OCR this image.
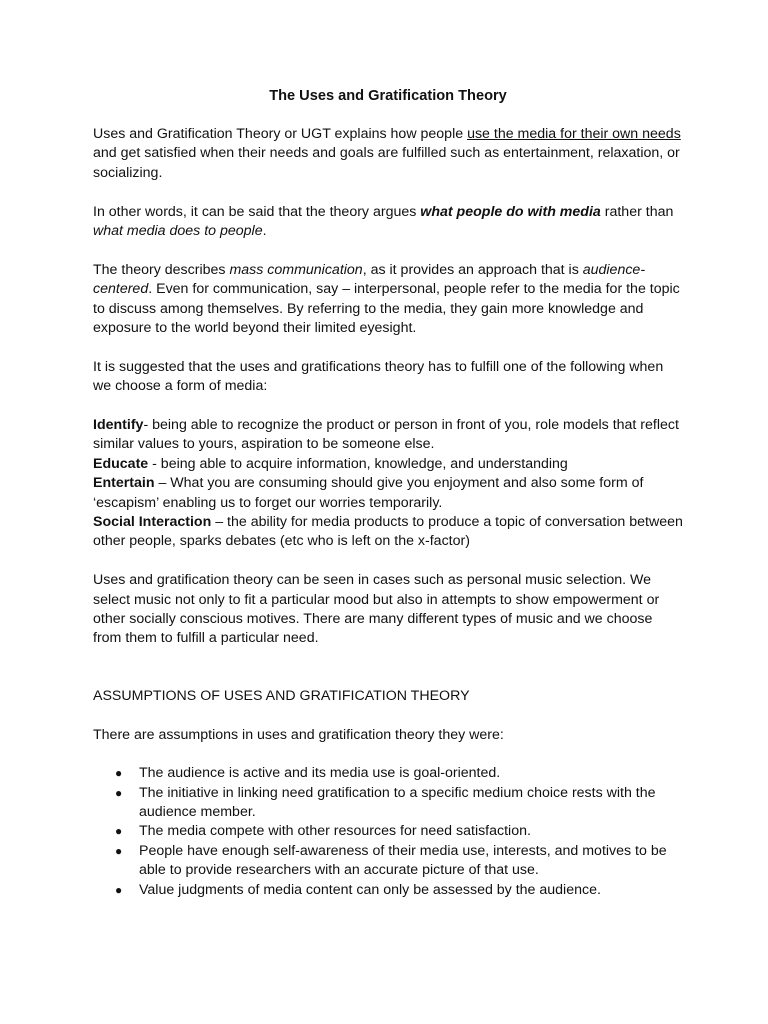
The Uses and Gratification Theory

Uses and Gratification Theory or UGT explains how people use the media for their own needs and get satisfied when their needs and goals are fulfilled such as entertainment, relaxation, or socializing.

In other words, it can be said that the theory argues what people do with media rather than what media does to people.

The theory describes mass communication, as it provides an approach that is audience-centered. Even for communication, say – interpersonal, people refer to the media for the topic to discuss among themselves. By referring to the media, they gain more knowledge and exposure to the world beyond their limited eyesight.

It is suggested that the uses and gratifications theory has to fulfill one of the following when we choose a form of media:

Identify- being able to recognize the product or person in front of you, role models that reflect similar values to yours, aspiration to be someone else.

Educate - being able to acquire information, knowledge, and understanding

Entertain – What you are consuming should give you enjoyment and also some form of ‘escapism’ enabling us to forget our worries temporarily.

Social Interaction – the ability for media products to produce a topic of conversation between other people, sparks debates (etc who is left on the x-factor)

Uses and gratification theory can be seen in cases such as personal music selection. We select music not only to fit a particular mood but also in attempts to show empowerment or other socially conscious motives. There are many different types of music and we choose from them to fulfill a particular need.

ASSUMPTIONS OF USES AND GRATIFICATION THEORY

There are assumptions in uses and gratification theory they were:

● The audience is active and its media use is goal-oriented.
● The initiative in linking need gratification to a specific medium choice rests with the audience member.
● The media compete with other resources for need satisfaction.
● People have enough self-awareness of their media use, interests, and motives to be able to provide researchers with an accurate picture of that use.
● Value judgments of media content can only be assessed by the audience.
